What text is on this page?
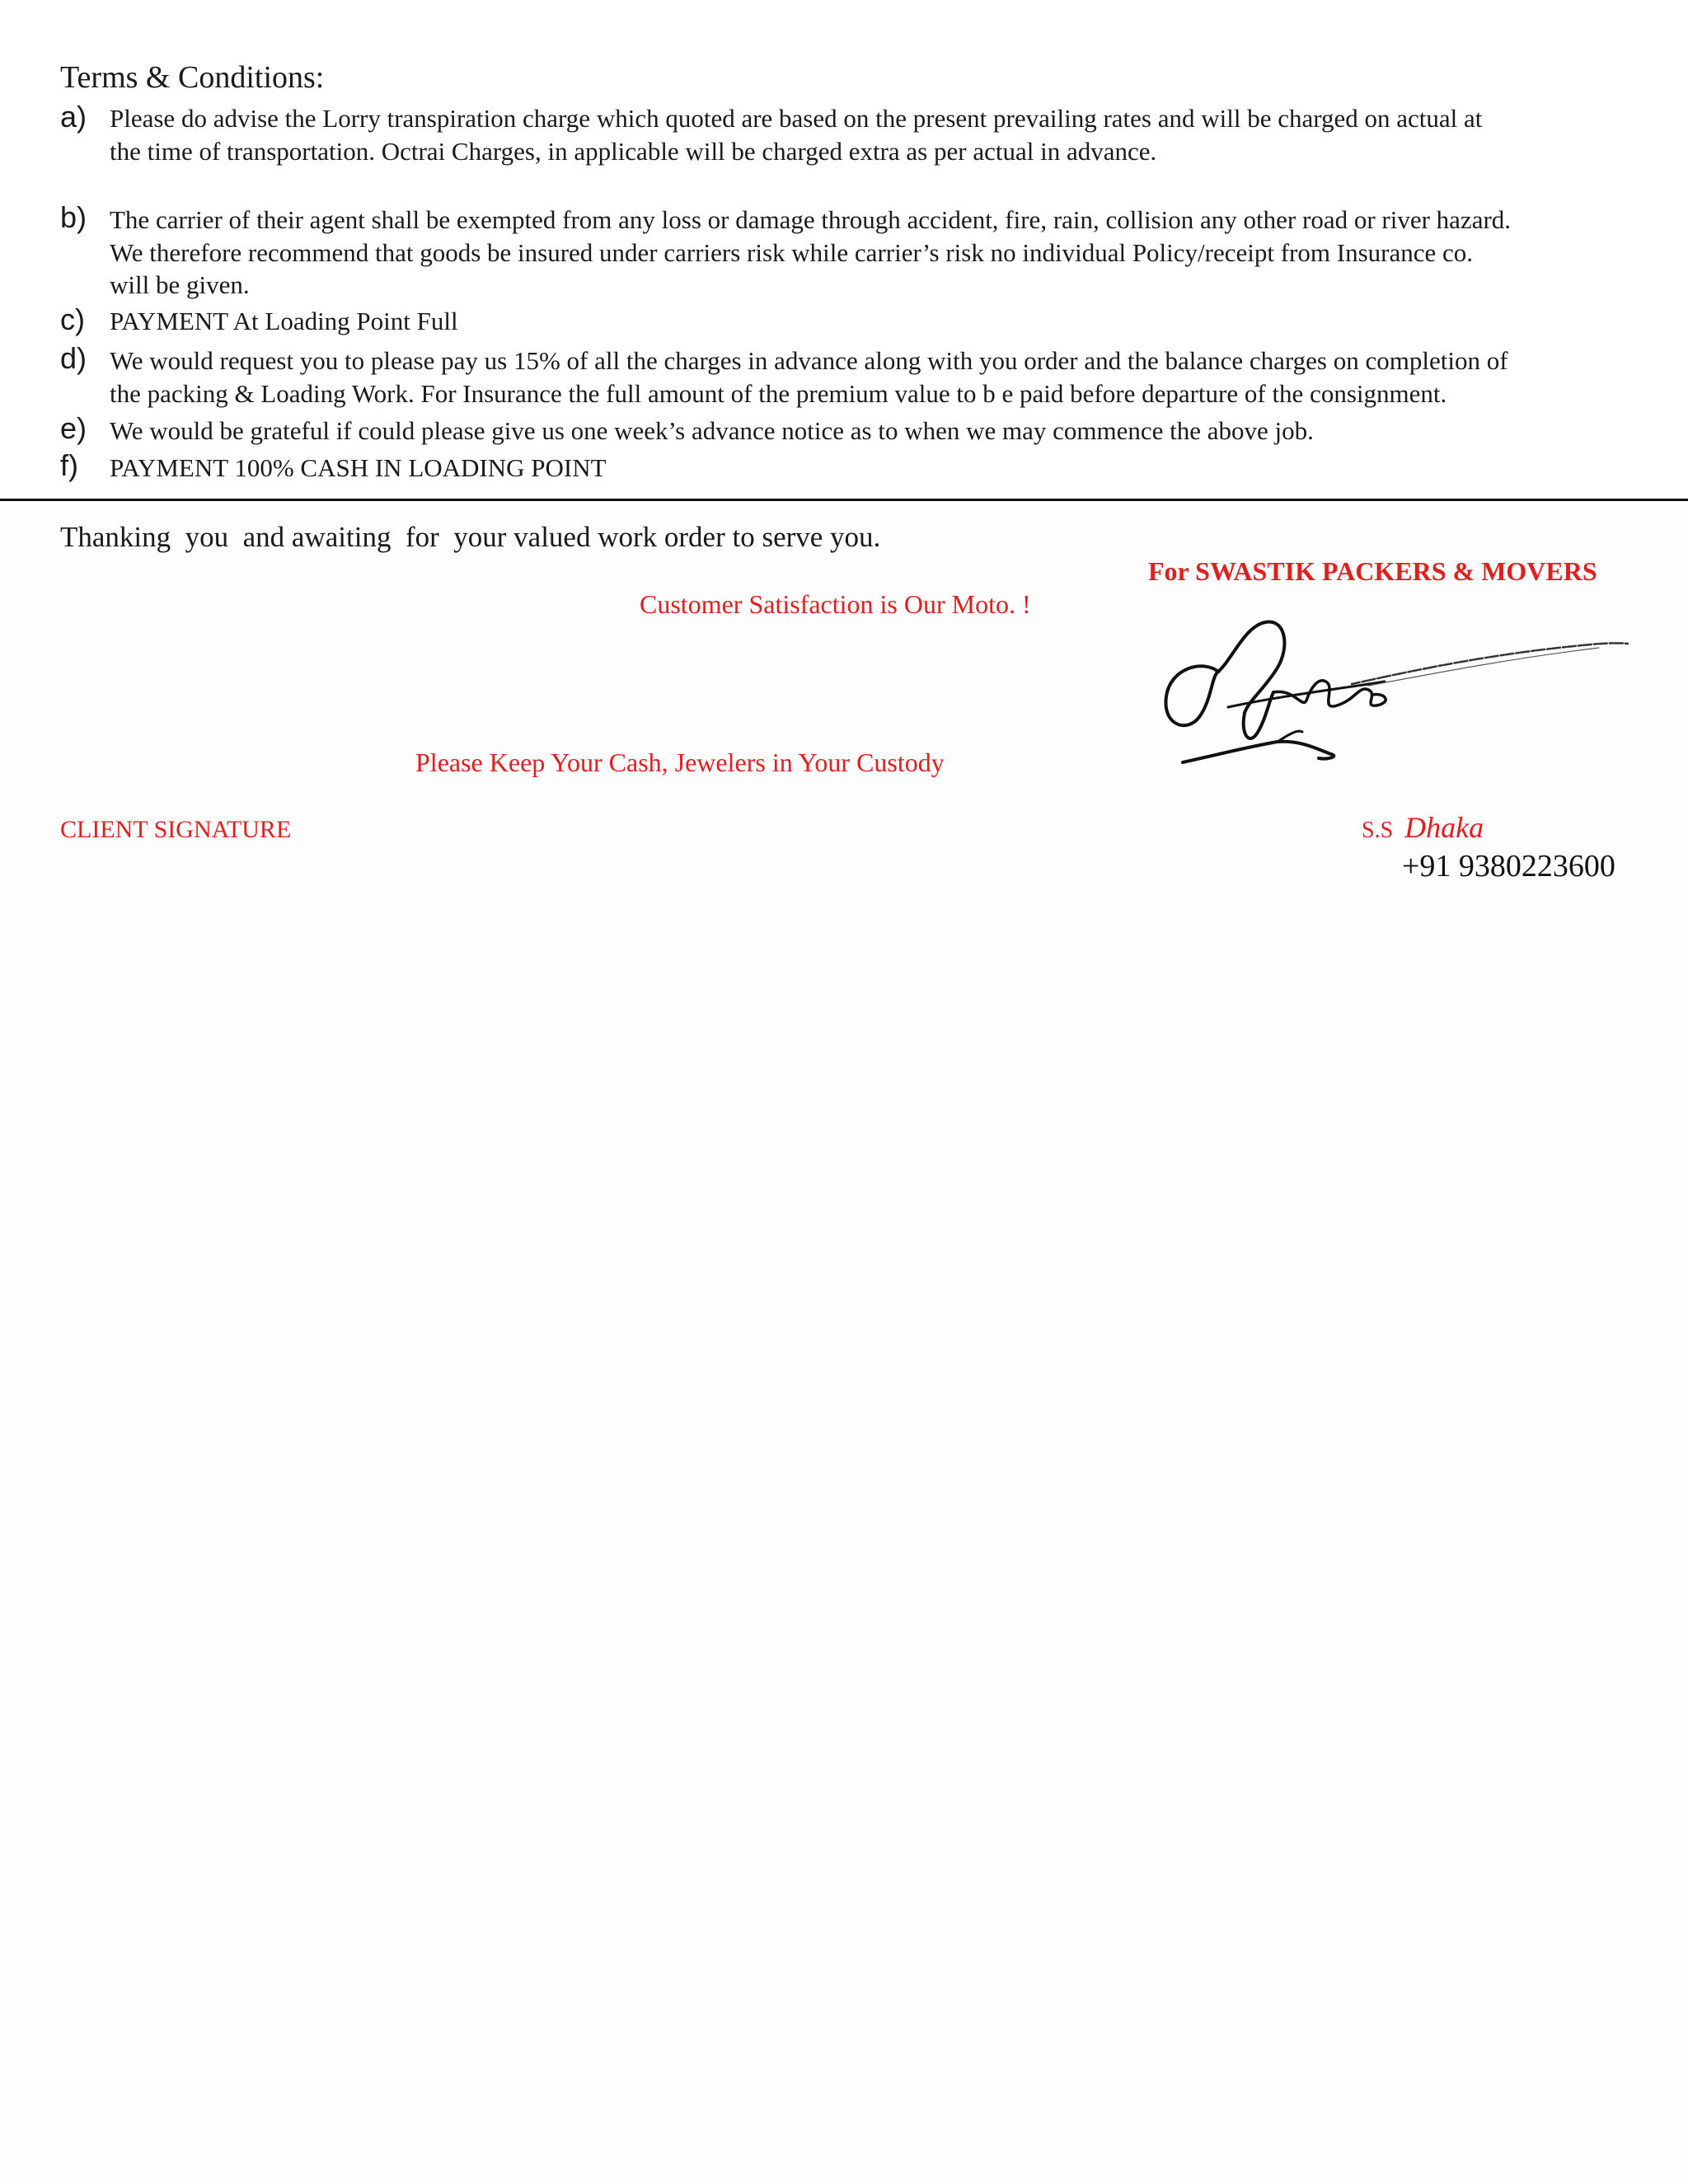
Terms & Conditions:
a) Please do advise the Lorry transpiration charge which quoted are based on the present prevailing rates and will be charged on actual at
the time of transportation. Octrai Charges, in applicable will be charged extra as per actual in advance.
b) The carrier of their agent shall be exempted from any loss or damage through accident, fire, rain, collision any other road or river hazard.
We therefore recommend that goods be insured under carriers risk while carrier’s risk no individual Policy/receipt from Insurance co.
will be given.
c) PAYMENT At Loading Point Full
d) We would request you to please pay us 15% of all the charges in advance along with you order and the balance charges on completion of
the packing & Loading Work. For Insurance the full amount of the premium value to b e paid before departure of the consignment.
e) We would be grateful if could please give us one week’s advance notice as to when we may commence the above job.
f) PAYMENT 100% CASH IN LOADING POINT
Thanking  you  and awaiting  for  your valued work order to serve you.
For SWASTIK PACKERS & MOVERS
Customer Satisfaction is Our Moto. !
Please Keep Your Cash, Jewelers in Your Custody
CLIENT SIGNATURE	S.S Dhaka
+91 9380223600
